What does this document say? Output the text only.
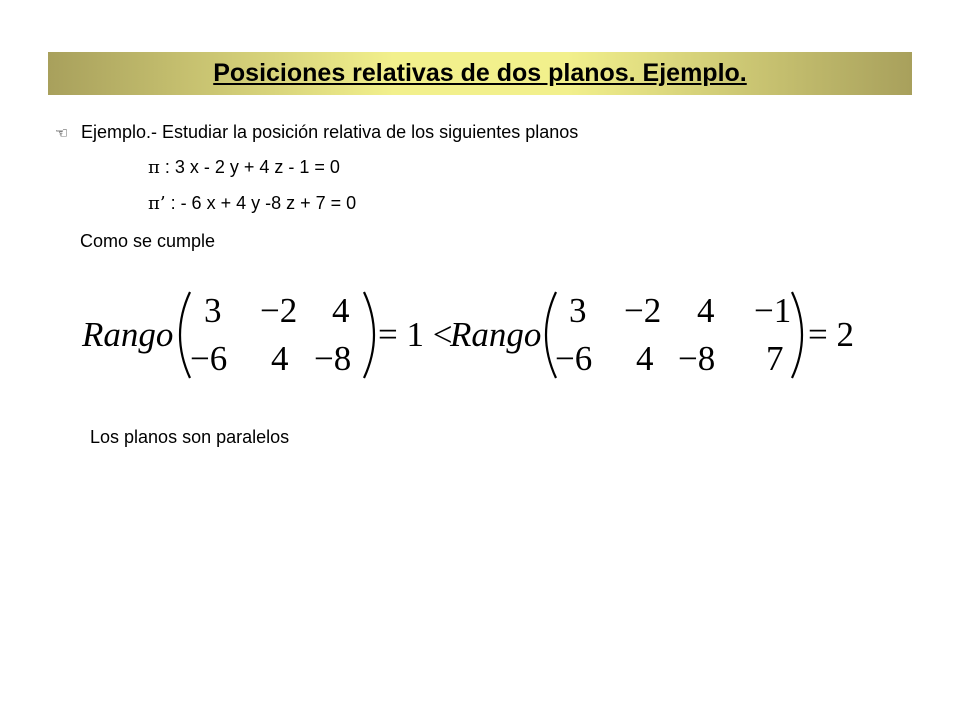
Posiciones relativas de dos planos. Ejemplo.
☜ Ejemplo.- Estudiar la posición relativa de los siguientes planos
π : 3 x - 2 y + 4 z - 1 = 0
π’ : - 6 x + 4 y -8 z + 7 = 0
Como se cumple
Rango
3 −2 4
−6 4 −8
= 1 <
Rango
3 −2 4 −1
−6 4 −8 7
= 2
Los planos son paralelos
